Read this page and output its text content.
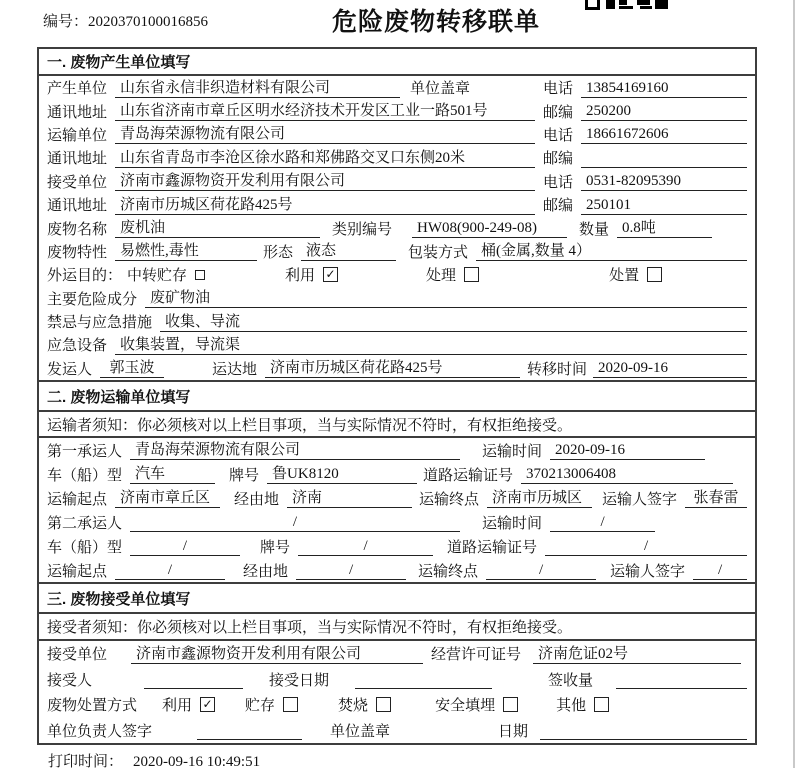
编号：2020370100016856	危险废物转移联单
一. 废物产生单位填写
产生单位 山东省永信非织造材料有限公司	单位盖章	电话 13854169160
通讯地址 山东省济南市章丘区明水经济技术开发区工业一路501号	邮编 250200
运输单位 青岛海荣源物流有限公司	电话 18661672606
通讯地址 山东省青岛市李沧区徐水路和郑佛路交叉口东侧20米	邮编
接受单位 济南市鑫源物资开发利用有限公司	电话 0531-82095390
通讯地址 济南市历城区荷花路425号	邮编 250101
废物名称 废机油	类别编号	HW08(900-249-08)	数量 0.8吨
废物特性 易燃性,毒性	形态 液态	包装方式 桶(金属,数量 4）
外运目的： 中转贮存	利用 ✓	处理	处置
主要危险成分 废矿物油
禁忌与应急措施 收集、导流
应急设备 收集装置，导流渠
发运人	郭玉波	运达地 济南市历城区荷花路425号	转移时间 2020-09-16
二. 废物运输单位填写
运输者须知：你必须核对以上栏目事项，当与实际情况不符时，有权拒绝接受。
第一承运人 青岛海荣源物流有限公司	运输时间 2020-09-16
车（船）型 汽车	牌号 鲁UK8120	道路运输证号 370213006408
运输起点 济南市章丘区	经由地 济南	运输终点 济南市历城区	运输人签字	张春雷
第二承运人	/	运输时间	/
车（船）型	/	牌号	/	道路运输证号	/
运输起点	/	经由地	/	运输终点	/	运输人签字	/
三. 废物接受单位填写
接受者须知：你必须核对以上栏目事项，当与实际情况不符时，有权拒绝接受。
接受单位	济南市鑫源物资开发利用有限公司	经营许可证号	济南危证02号
接受人	接受日期	签收量
废物处置方式 利用 ✓ 贮存	焚烧	安全填埋	其他
单位负责人签字	单位盖章	日期
打印时间： 2020-09-16 10:49:51
